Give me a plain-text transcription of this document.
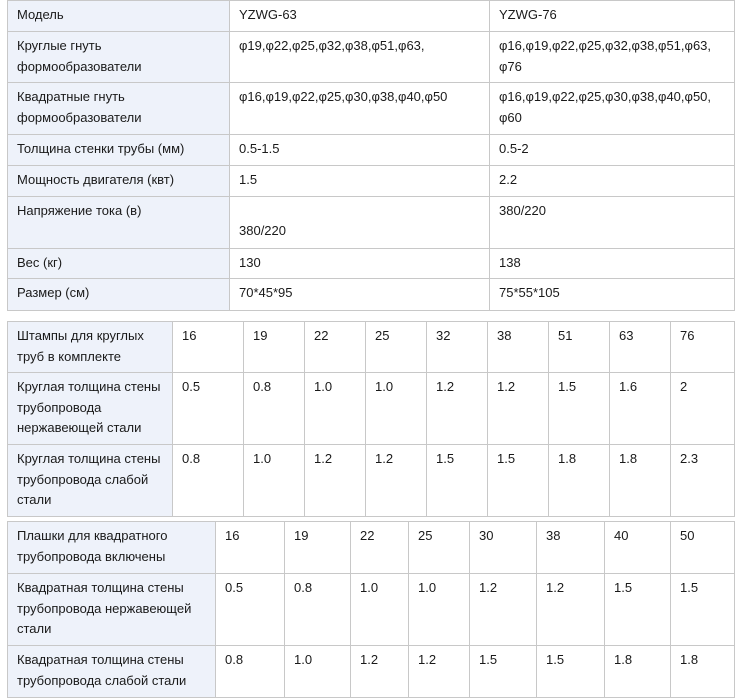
Модель	YZWG-63	YZWG-76

Круглые гнуть формообразователи	φ19,φ22,φ25,φ32,φ38,φ51,φ63,	φ16,φ19,φ22,φ25,φ32,φ38,φ51,φ63, φ76

Квадратные гнуть формообразователи	φ16,φ19,φ22,φ25,φ30,φ38,φ40,φ50	φ16,φ19,φ22,φ25,φ30,φ38,φ40,φ50, φ60

Толщина стенки трубы (мм)	0.5-1.5	0.5-2

Мощность двигателя (квт)	1.5	2.2

Напряжение тока (в)	380/220	380/220

Вес (кг)	130	138

Размер (см)	70*45*95	75*55*105
Штампы для круглых труб в комплекте	16	19	22	25	32	38	51	63	76

Круглая толщина стены трубопровода нержавеющей стали	0.5	0.8	1.0	1.0	1.2	1.2	1.5	1.6	2

Круглая толщина стены трубопровода слабой стали	0.8	1.0	1.2	1.2	1.5	1.5	1.8	1.8	2.3
Плашки для квадратного трубопровода включены	16	19	22	25	30	38	40	50

Квадратная толщина стены трубопровода нержавеющей стали	0.5	0.8	1.0	1.0	1.2	1.2	1.5	1.5

Квадратная толщина стены трубопровода слабой стали	0.8	1.0	1.2	1.2	1.5	1.5	1.8	1.8
